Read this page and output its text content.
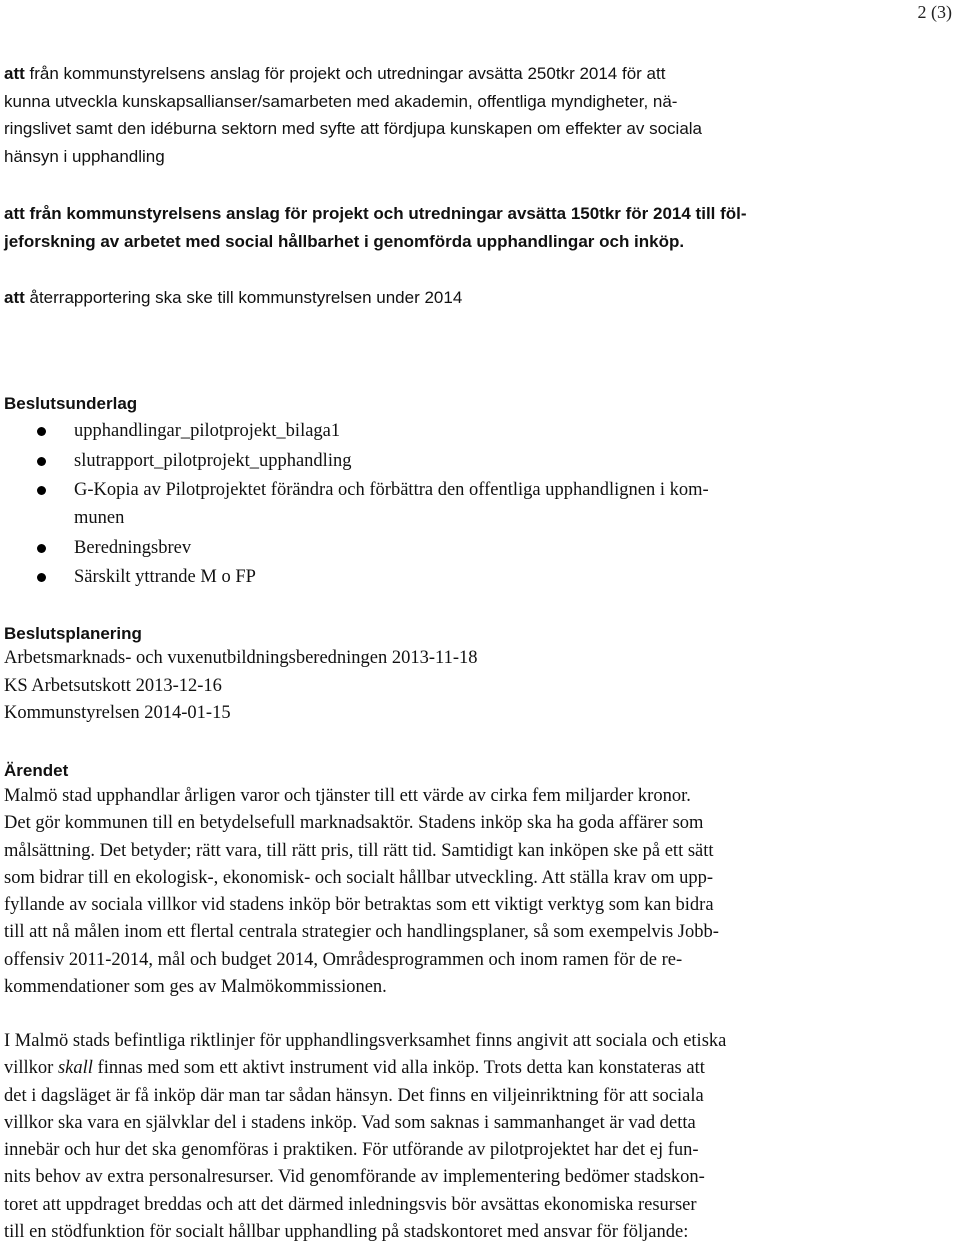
2 (3)

att från kommunstyrelsens anslag för projekt och utredningar avsätta 250tkr 2014 för att
kunna utveckla kunskapsallianser/samarbeten med akademin, offentliga myndigheter, nä-
ringslivet samt den idéburna sektorn med syfte att fördjupa kunskapen om effekter av sociala
hänsyn i upphandling

att från kommunstyrelsens anslag för projekt och utredningar avsätta 150tkr för 2014 till föl-
jeforskning av arbetet med social hållbarhet i genomförda upphandlingar och inköp.

att återrapportering ska ske till kommunstyrelsen under 2014

Beslutsunderlag
upphandlingar_pilotprojekt_bilaga1
slutrapport_pilotprojekt_upphandling
G-Kopia av Pilotprojektet förändra och förbättra den offentliga upphandlignen i kom-
munen
Beredningsbrev
Särskilt yttrande M o FP
Beslutsplanering
Arbetsmarknads- och vuxenutbildningsberedningen 2013-11-18
KS Arbetsutskott 2013-12-16
Kommunstyrelsen 2014-01-15
Ärendet

Malmö stad upphandlar årligen varor och tjänster till ett värde av cirka fem miljarder kronor.
Det gör kommunen till en betydelsefull marknadsaktör. Stadens inköp ska ha goda affärer som
målsättning. Det betyder; rätt vara, till rätt pris, till rätt tid. Samtidigt kan inköpen ske på ett sätt
som bidrar till en ekologisk-, ekonomisk- och socialt hållbar utveckling. Att ställa krav om upp-
fyllande av sociala villkor vid stadens inköp bör betraktas som ett viktigt verktyg som kan bidra
till att nå målen inom ett flertal centrala strategier och handlingsplaner, så som exempelvis Jobb-
offensiv 2011-2014, mål och budget 2014, Områdesprogrammen och inom ramen för de re-
kommendationer som ges av Malmökommissionen.

I Malmö stads befintliga riktlinjer för upphandlingsverksamhet finns angivit att sociala och etiska
villkor skall finnas med som ett aktivt instrument vid alla inköp. Trots detta kan konstateras att
det i dagsläget är få inköp där man tar sådan hänsyn. Det finns en viljeinriktning för att sociala
villkor ska vara en självklar del i stadens inköp. Vad som saknas i sammanhanget är vad detta
innebär och hur det ska genomföras i praktiken. För utförande av pilotprojektet har det ej fun-
nits behov av extra personalresurser. Vid genomförande av implementering bedömer stadskon-
toret att uppdraget breddas och att det därmed inledningsvis bör avsättas ekonomiska resurser
till en stödfunktion för socialt hållbar upphandling på stadskontoret med ansvar för följande:
